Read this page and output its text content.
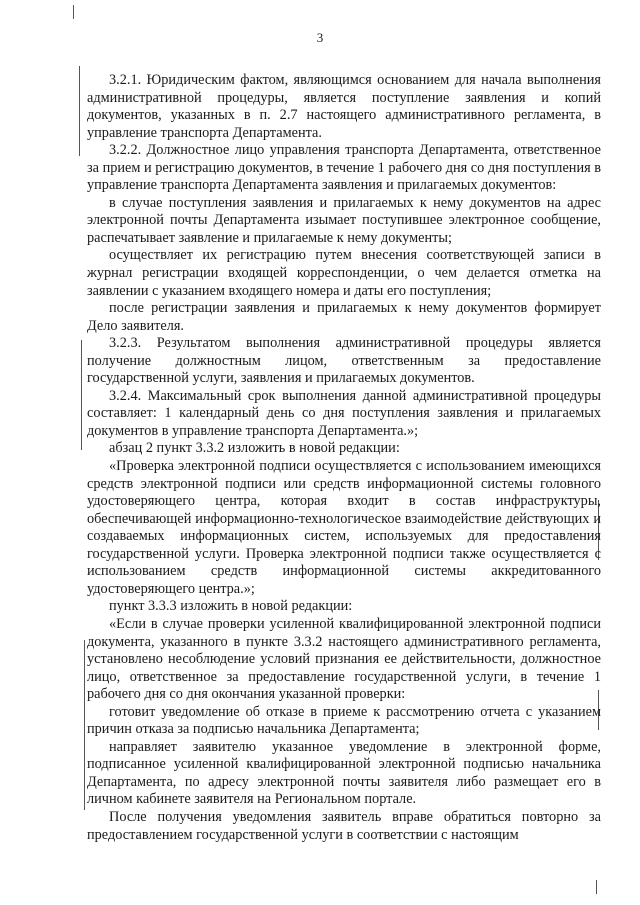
3

3.2.1. Юридическим фактом, являющимся основанием для начала выполнения административной процедуры, является поступление заявления и копий документов, указанных в п. 2.7 настоящего административного регламента, в управление транспорта Департамента.

3.2.2. Должностное лицо управления транспорта Департамента, ответственное за прием и регистрацию документов, в течение 1 рабочего дня со дня поступления в управление транспорта Департамента заявления и прилагаемых документов:

в случае поступления заявления и прилагаемых к нему документов на адрес электронной почты Департамента изымает поступившее электронное сообщение, распечатывает заявление и прилагаемые к нему документы;

осуществляет их регистрацию путем внесения соответствующей записи в журнал регистрации входящей корреспонденции, о чем делается отметка на заявлении с указанием входящего номера и даты его поступления;

после регистрации заявления и прилагаемых к нему документов формирует Дело заявителя.

3.2.3. Результатом выполнения административной процедуры является получение должностным лицом, ответственным за предоставление государственной услуги, заявления и прилагаемых документов.

3.2.4. Максимальный срок выполнения данной административной процедуры составляет: 1 календарный день со дня поступления заявления и прилагаемых документов в управление транспорта Департамента.»;

абзац 2 пункт 3.3.2 изложить в новой редакции:

«Проверка электронной подписи осуществляется с использованием имеющихся средств электронной подписи или средств информационной системы головного удостоверяющего центра, которая входит в состав инфраструктуры, обеспечивающей информационно-технологическое взаимодействие действующих и создаваемых информационных систем, используемых для предоставления государственной услуги. Проверка электронной подписи также осуществляется с использованием средств информационной системы аккредитованного удостоверяющего центра.»;

пункт 3.3.3 изложить в новой редакции:

«Если в случае проверки усиленной квалифицированной электронной подписи документа, указанного в пункте 3.3.2 настоящего административного регламента, установлено несоблюдение условий признания ее действительности, должностное лицо, ответственное за предоставление государственной услуги, в течение 1 рабочего дня со дня окончания указанной проверки:

готовит уведомление об отказе в приеме к рассмотрению отчета с указанием причин отказа за подписью начальника Департамента;

направляет заявителю указанное уведомление в электронной форме, подписанное усиленной квалифицированной электронной подписью начальника Департамента, по адресу электронной почты заявителя либо размещает его в личном кабинете заявителя на Региональном портале.

После получения уведомления заявитель вправе обратиться повторно за предоставлением государственной услуги в соответствии с настоящим
